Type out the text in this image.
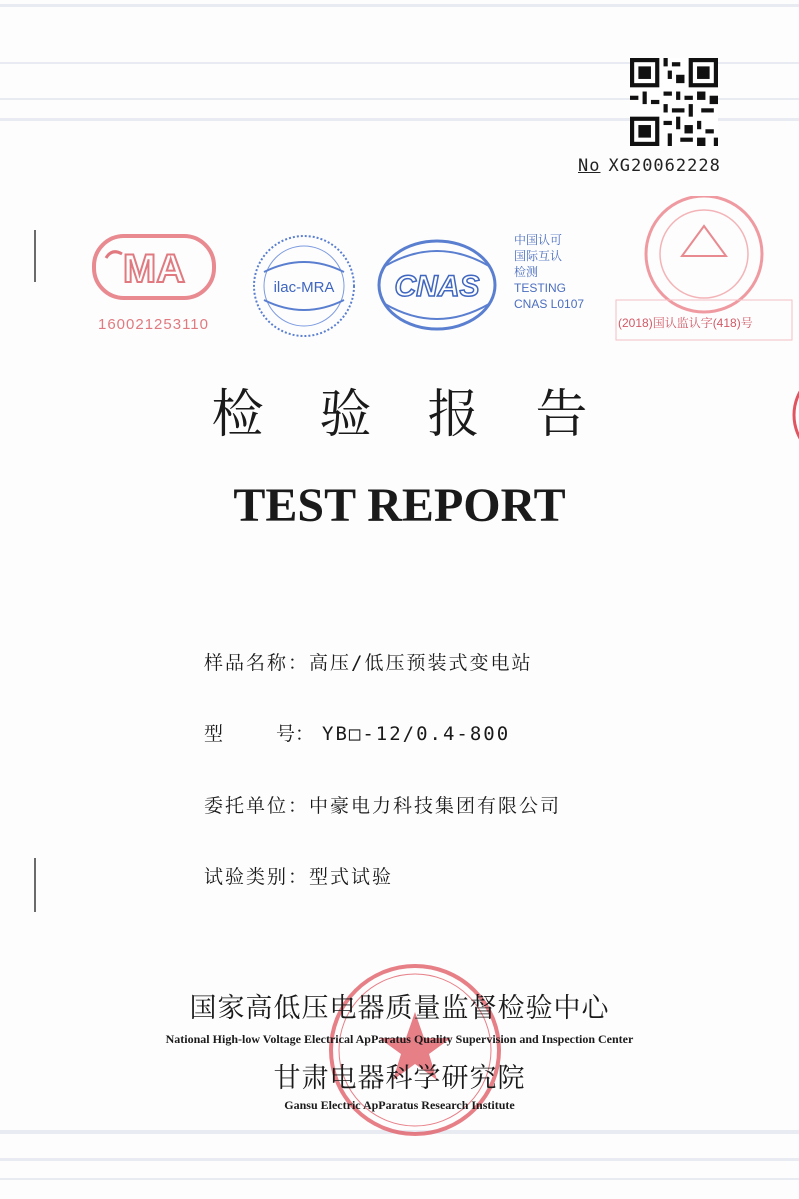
No XG20062228
MA
160021253110
ilac-MRA CNAS
中国认可
国际互认
检测
TESTING
CNAS L0107
(2018)国认监认字(418)号
检验报告
TEST REPORT
样品名称：高压/低压预装式变电站
型	号： YB□-12/0.4-800
委托单位：中豪电力科技集团有限公司
试验类别：型式试验
国家高低压电器质量监督检验中心
National High-low Voltage Electrical ApParatus Quality Supervision and Inspection Center
甘肃电器科学研究院
Gansu Electric ApParatus Research Institute
